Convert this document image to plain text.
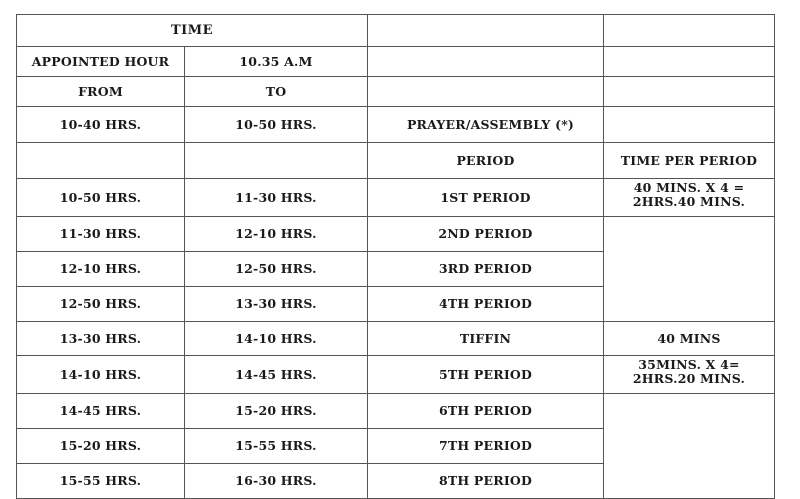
TIME			
APPOINTED HOUR	10.35 A.M		
FROM	TO		
10-40 HRS.	10-50 HRS.	PRAYER/ASSEMBLY (*)	
		PERIOD	TIME PER PERIOD
10-50 HRS.	11-30 HRS.	1ST PERIOD	40 MINS. X 4 =
2HRS.40 MINS.

11-30 HRS.	12-10 HRS.	2ND PERIOD	
12-10 HRS.	12-50 HRS.	3RD PERIOD	
12-50 HRS.	13-30 HRS.	4TH PERIOD	
13-30 HRS.	14-10 HRS.	TIFFIN	40 MINS
14-10 HRS.	14-45 HRS.	5TH PERIOD	35MINS. X 4=
2HRS.20 MINS.

14-45 HRS.	15-20 HRS.	6TH PERIOD	
15-20 HRS.	15-55 HRS.	7TH PERIOD	
15-55 HRS.	16-30 HRS.	8TH PERIOD	
